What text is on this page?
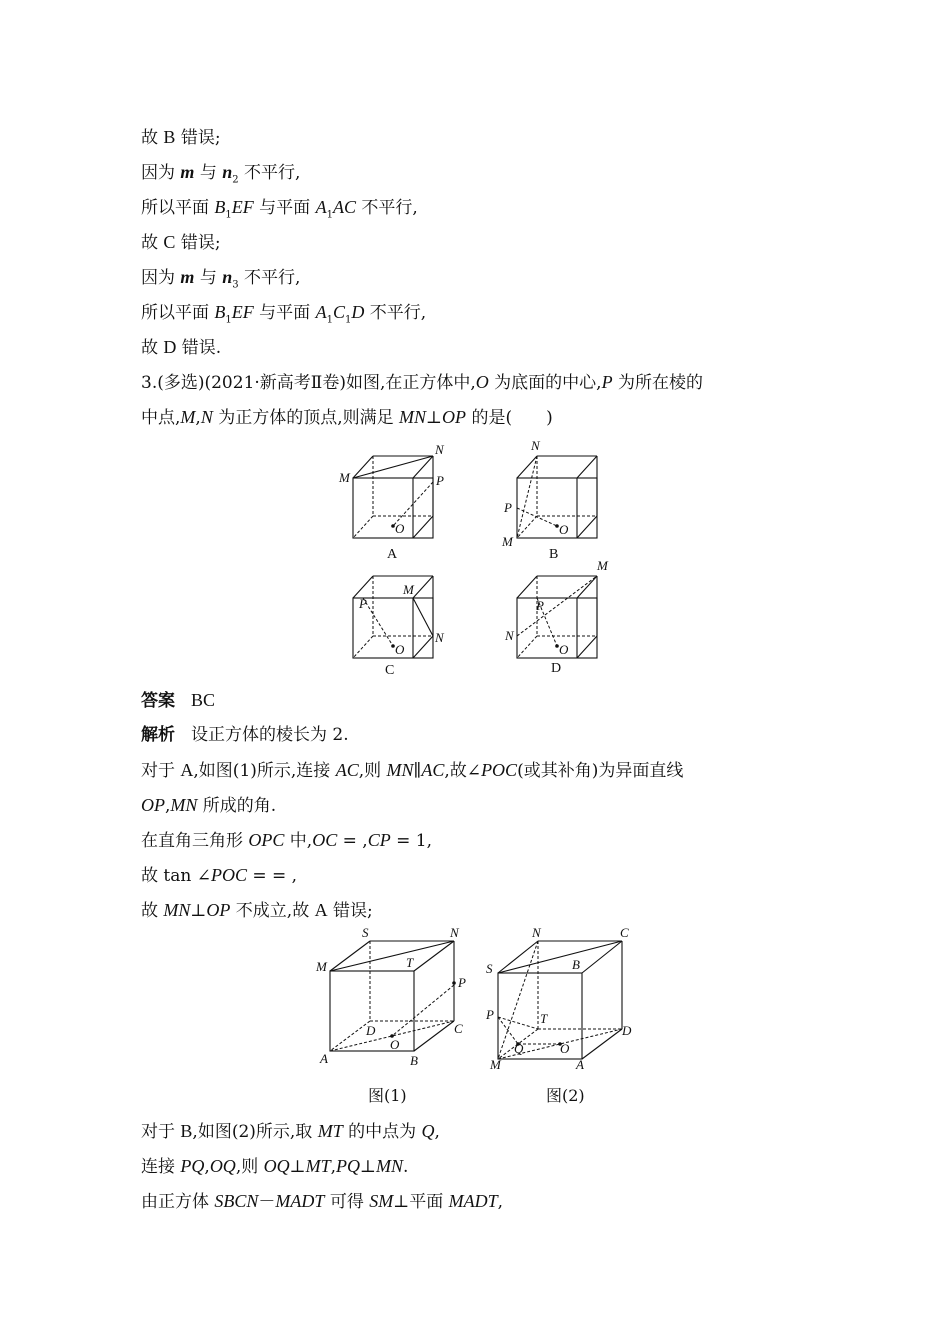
故 B 错误;
因为 m 与 $n_2$ 不平行,
所以平面 $B_1EF$ 与平面 $A_1AC$ 不平行,
故 C 错误;
因为 m 与 $n_3$ 不平行,
所以平面 $B_1EF$ 与平面 $A_1C_1D$ 不平行,
故 D 错误.
3.(多选)(2021·新高考Ⅱ卷)如图,在正方体中,O 为底面的中心,P 为所在棱的
中点,M,N 为正方体的顶点,则满足 MN⊥OP 的是(　　)
M
N
P
O
A
N
P
M
O
B
P
M
N
O
C
M
P
N
O
D
答案 BC
解析 设正方体的棱长为 2.
对于 A,如图(1)所示,连接 AC,则 MN∥AC,故∠POC(或其补角)为异面直线
OP,MN 所成的角.
在直角三角形 OPC 中,OC = ,CP = 1,
故 tan ∠POC = = ,
故 MN⊥OP 不成立,故 A 错误;
S	N
M	T
P
D	C
O
A	B
图(1)
N	C
S	B
P	T
Q	O
D
M	A
图(2)
对于 B,如图(2)所示,取 MT 的中点为 Q,
连接 PQ,OQ,则 OQ⊥MT,PQ⊥MN.
由正方体 SBCN－MADT 可得 SM⊥平面 MADT,
